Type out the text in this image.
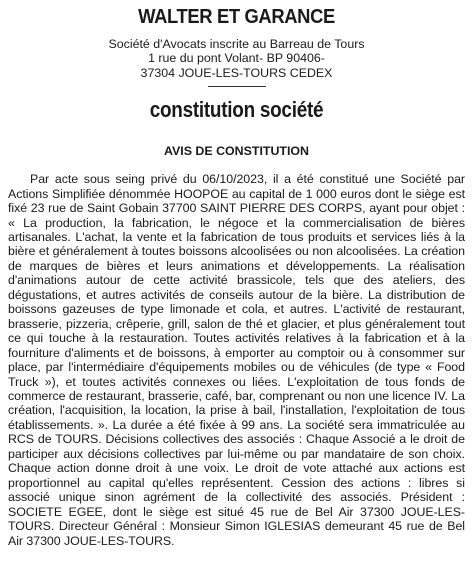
WALTER ET GARANCE
Société d'Avocats inscrite au Barreau de Tours
1 rue du pont Volant- BP 90406-
37304 JOUE-LES-TOURS CEDEX
constitution société
AVIS DE CONSTITUTION

Par acte sous seing privé du 06/10/2023, il a été constitué une Société par Actions Simplifiée dénommée HOOPOE au capital de 1 000 euros dont le siège est fixé 23 rue de Saint Gobain 37700 SAINT PIERRE DES CORPS, ayant pour objet : « La production, la fabrication, le négoce et la commercialisation de bières artisanales. L'achat, la vente et la fabrication de tous produits et services liés à la bière et généralement à toutes boissons alcoolisées ou non alcoolisées. La création de marques de bières et leurs animations et développements. La réalisation d'animations autour de cette activité brassicole, tels que des ateliers, des dégustations, et autres activités de conseils autour de la bière. La distribution de boissons gazeuses de type limonade et cola, et autres. L'activité de restaurant, brasserie, pizzeria, crêperie, grill, salon de thé et glacier, et plus généralement tout ce qui touche à la restauration. Toutes activités relatives à la fabrication et à la fourniture d'aliments et de boissons, à emporter au comptoir ou à consommer sur place, par l'intermédiaire d'équipements mobiles ou de véhicules (de type « Food Truck »), et toutes activités connexes ou liées. L'exploitation de tous fonds de commerce de restaurant, brasserie, café, bar, comprenant ou non une licence IV. La création, l'acquisition, la location, la prise à bail, l'installation, l'exploitation de tous établissements. ». La durée a été fixée à 99 ans. La société sera immatriculée au RCS de TOURS. Décisions collectives des associés : Chaque Associé a le droit de participer aux décisions collectives par lui-même ou par mandataire de son choix. Chaque action donne droit à une voix. Le droit de vote attaché aux actions est proportionnel au capital qu'elles représentent. Cession des actions : libres si associé unique sinon agrément de la collectivité des associés. Président : SOCIETE EGEE, dont le siège est situé 45 rue de Bel Air 37300 JOUE-LES-TOURS. Directeur Général : Monsieur Simon IGLESIAS demeurant 45 rue de Bel Air 37300 JOUE-LES-TOURS.
